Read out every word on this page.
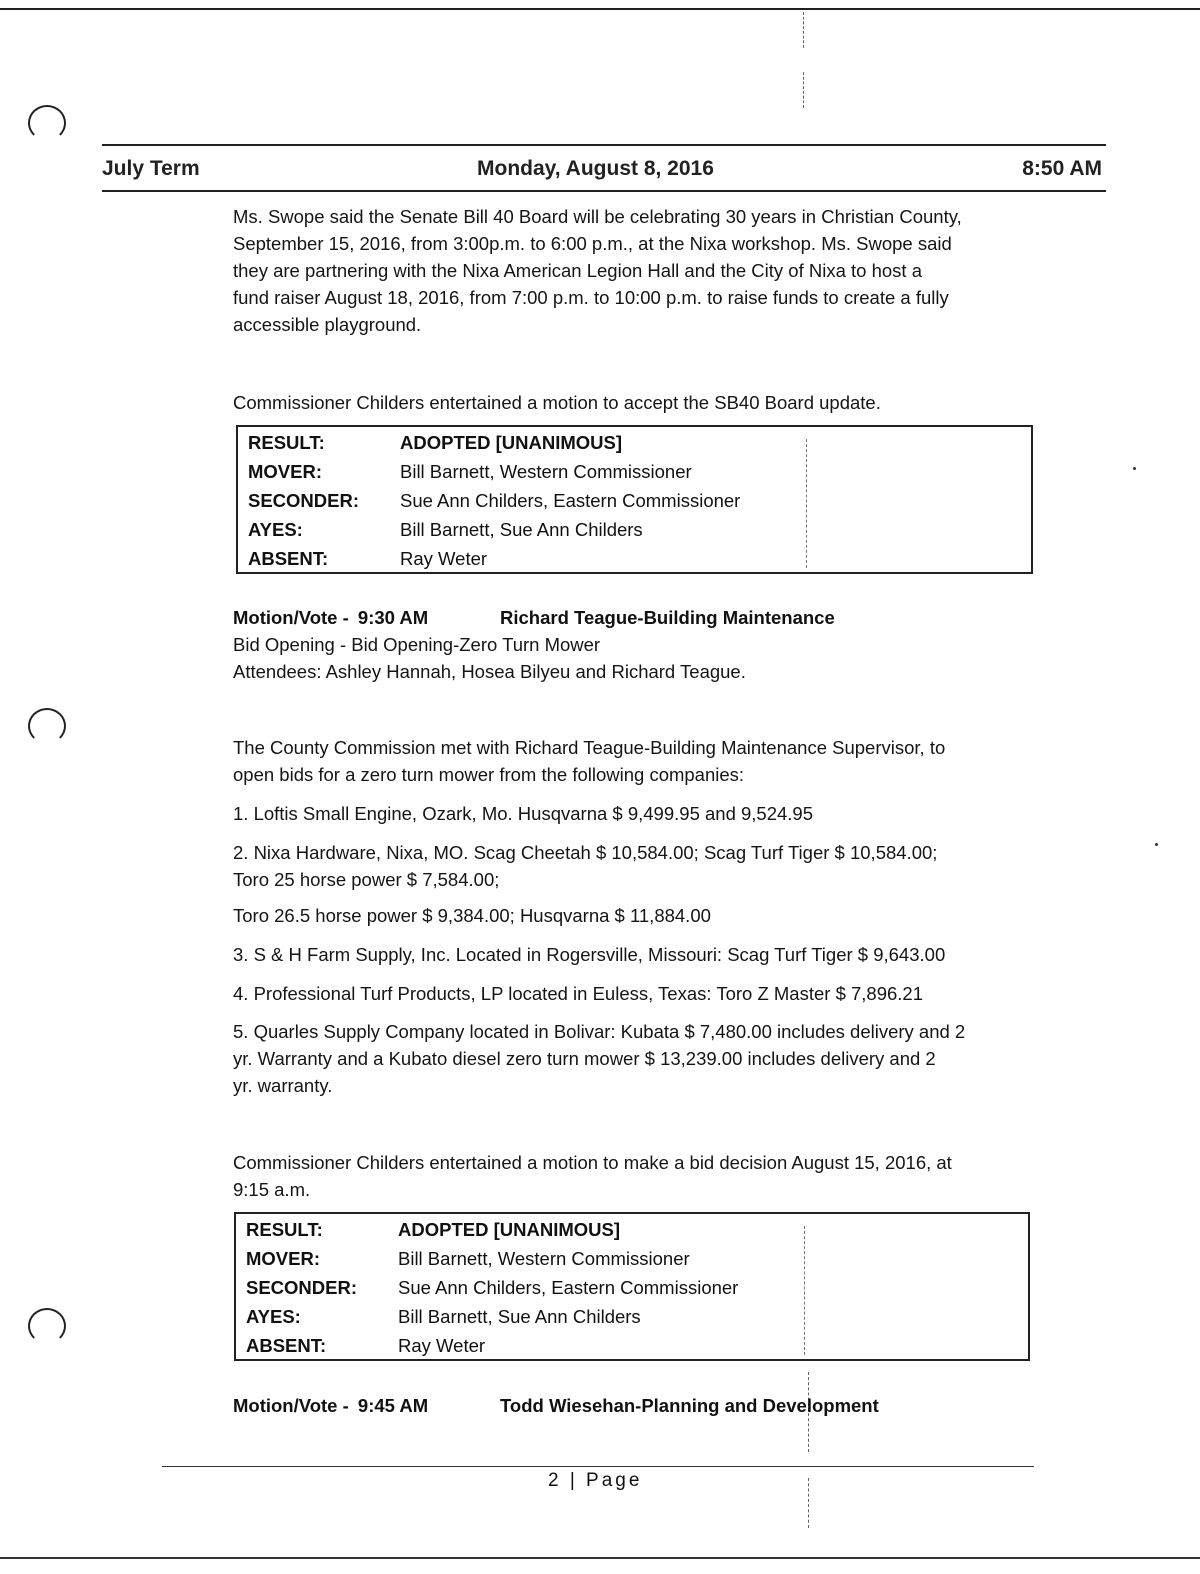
July Term	Monday, August 8, 2016	8:50 AM
Ms. Swope said the Senate Bill 40 Board will be celebrating 30 years in Christian County,
September 15, 2016, from 3:00p.m. to 6:00 p.m., at the Nixa workshop. Ms. Swope said
they are partnering with the Nixa American Legion Hall and the City of Nixa to host a
fund raiser August 18, 2016, from 7:00 p.m. to 10:00 p.m. to raise funds to create a fully
accessible playground.
Commissioner Childers entertained a motion to accept the SB40 Board update.
RESULT:	ADOPTED [UNANIMOUS]
MOVER:	Bill Barnett, Western Commissioner
SECONDER: Sue Ann Childers, Eastern Commissioner
AYES:	Bill Barnett, Sue Ann Childers
ABSENT:	Ray Weter
Motion/Vote - 9:30 AM	Richard Teague-Building Maintenance
Bid Opening - Bid Opening-Zero Turn Mower
Attendees: Ashley Hannah, Hosea Bilyeu and Richard Teague.
The County Commission met with Richard Teague-Building Maintenance Supervisor, to
open bids for a zero turn mower from the following companies:
1. Loftis Small Engine, Ozark, Mo. Husqvarna $ 9,499.95 and 9,524.95
2. Nixa Hardware, Nixa, MO. Scag Cheetah $ 10,584.00; Scag Turf Tiger $ 10,584.00;
Toro 25 horse power $ 7,584.00;
Toro 26.5 horse power $ 9,384.00; Husqvarna $ 11,884.00
3. S & H Farm Supply, Inc. Located in Rogersville, Missouri: Scag Turf Tiger $ 9,643.00
4. Professional Turf Products, LP located in Euless, Texas: Toro Z Master $ 7,896.21
5. Quarles Supply Company located in Bolivar: Kubata $ 7,480.00 includes delivery and 2
yr. Warranty and a Kubato diesel zero turn mower $ 13,239.00 includes delivery and 2
yr. warranty.
Commissioner Childers entertained a motion to make a bid decision August 15, 2016, at
9:15 a.m.
RESULT:	ADOPTED [UNANIMOUS]
MOVER:	Bill Barnett, Western Commissioner
SECONDER: Sue Ann Childers, Eastern Commissioner
AYES:	Bill Barnett, Sue Ann Childers
ABSENT:	Ray Weter
Motion/Vote - 9:45 AM	Todd Wiesehan-Planning and Development
2 | Page
